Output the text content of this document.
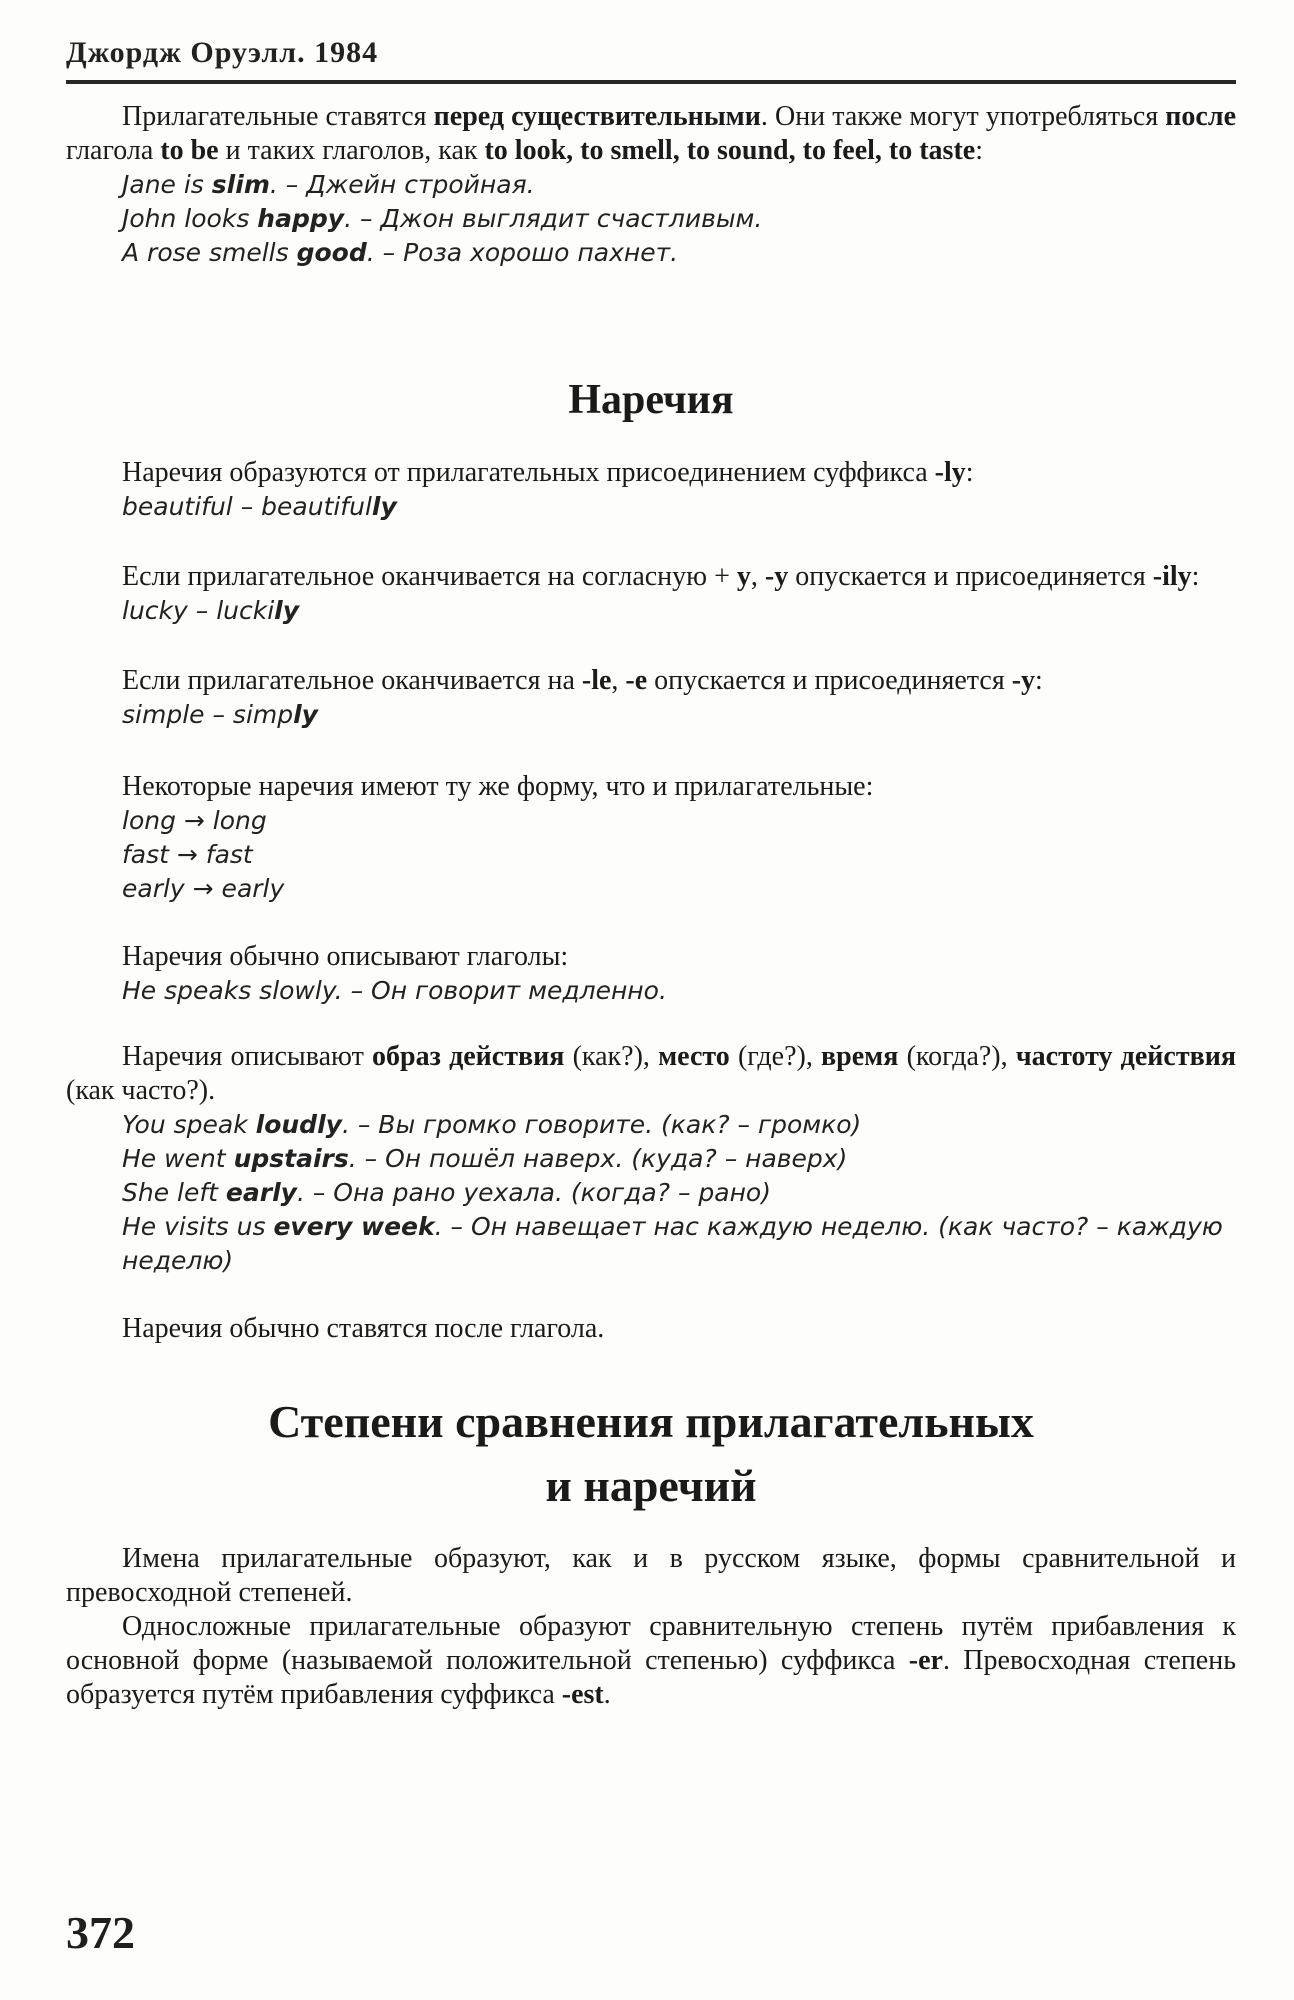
Джордж Оруэлл. 1984

Прилагательные ставятся перед существительными. Они также могут употребляться после глагола to be и таких глаголов, как to look, to smell, to sound, to feel, to taste:

Jane is slim. – Джейн стройная.
John looks happy. – Джон выглядит счастливым.
A rose smells good. – Роза хорошо пахнет.
Наречия

Наречия образуются от прилагательных присоединением суффикса -ly:

beautiful – beautifully

Если прилагательное оканчивается на согласную + y, -y опускается и присоединяется -ily:

lucky – luckily

Если прилагательное оканчивается на -le, -e опускается и присоединяется -y:

simple – simply

Некоторые наречия имеют ту же форму, что и прилагательные:

long → long
fast → fast
early → early

Наречия обычно описывают глаголы:

He speaks slowly. – Он говорит медленно.

Наречия описывают образ действия (как?), место (где?), время (когда?), частоту действия (как часто?).

You speak loudly. – Вы громко говорите. (как? – громко)
He went upstairs. – Он пошёл наверх. (куда? – наверх)
She left early. – Она рано уехала. (когда? – рано)
He visits us every week. – Он навещает нас каждую неделю. (как часто? – каждую неделю)

Наречия обычно ставятся после глагола.

Степени сравнения прилагательных
и наречий

Имена прилагательные образуют, как и в русском языке, формы сравнительной и превосходной степеней.

Односложные прилагательные образуют сравнительную степень путём прибавления к основной форме (называемой положительной степенью) суффикса -er. Превосходная степень образуется путём прибавления суффикса -est.

372
